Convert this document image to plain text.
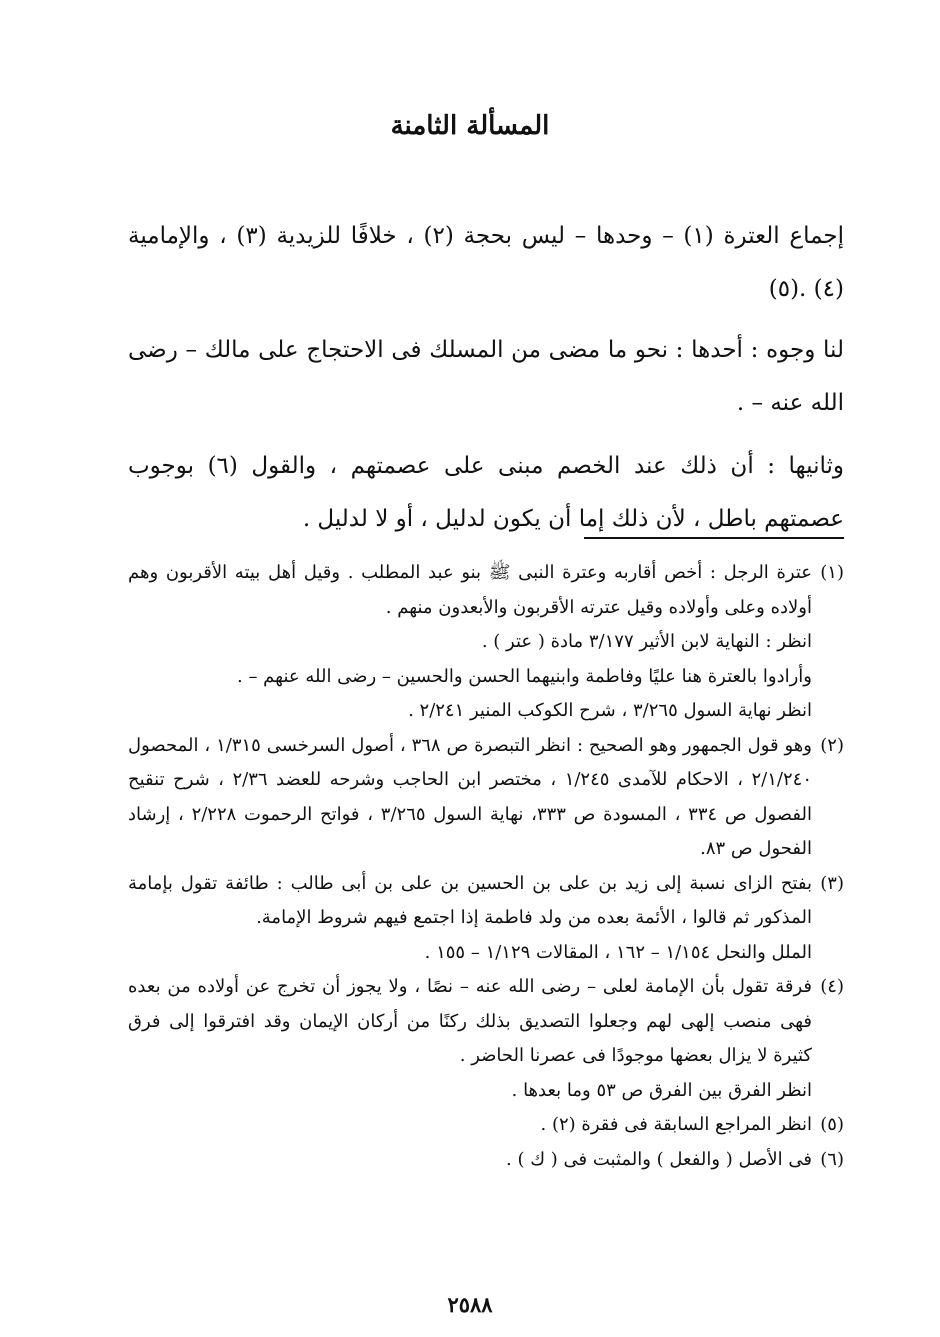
المسألة الثامنة

إجماع العترة (١) – وحدها – ليس بحجة (٢) ، خلافًا للزيدية (٣) ، والإمامية (٤) .(٥)

لنا وجوه : أحدها : نحو ما مضى من المسلك فى الاحتجاج على مالك – رضى الله عنه – .

وثانيها : أن ذلك عند الخصم مبنى على عصمتهم ، والقول (٦) بوجوب عصمتهم باطل ، لأن ذلك إما أن يكون لدليل ، أو لا لدليل .

(١)

عترة الرجل : أخص أقاربه وعترة النبى ﷺ بنو عبد المطلب . وقيل أهل بيته الأقربون وهم أولاده وعلى وأولاده وقيل عترته الأقربون والأبعدون منهم .

انظر : النهاية لابن الأثير ٣/١٧٧ مادة ( عتر ) .

وأرادوا بالعترة هنا عليًا وفاطمة وابنيهما الحسن والحسين – رضى الله عنهم – .

انظر نهاية السول ٣/٢٦٥ ، شرح الكوكب المنير ٢/٢٤١ .

(٢)

وهو قول الجمهور وهو الصحيح : انظر التبصرة ص ٣٦٨ ، أصول السرخسى ١/٣١٥ ، المحصول ٢/١/٢٤٠ ، الاحكام للآمدى ١/٢٤٥ ، مختصر ابن الحاجب وشرحه للعضد ٢/٣٦ ، شرح تنقيح الفصول ص ٣٣٤ ، المسودة ص ٣٣٣، نهاية السول ٣/٢٦٥ ، فواتح الرحموت ٢/٢٢٨ ، إرشاد الفحول ص ٨٣.

(٣)

بفتح الزاى نسبة إلى زيد بن على بن الحسين بن على بن أبى طالب : طائفة تقول بإمامة المذكور ثم قالوا ، الأئمة بعده من ولد فاطمة إذا اجتمع فيهم شروط الإمامة.

الملل والنحل ١/١٥٤ – ١٦٢ ، المقالات ١/١٢٩ – ١٥٥ .

(٤)

فرقة تقول بأن الإمامة لعلى – رضى الله عنه – نصًا ، ولا يجوز أن تخرج عن أولاده من بعده فهى منصب إلهى لهم وجعلوا التصديق بذلك ركنًا من أركان الإيمان وقد افترقوا إلى فرق كثيرة لا يزال بعضها موجودًا فى عصرنا الحاضر .

انظر الفرق بين الفرق ص ٥٣ وما بعدها .

(٥)

انظر المراجع السابقة فى فقرة (٢) .

(٦)

فى الأصل ( والفعل ) والمثبت فى ( ك ) .

٢٥٨٨
